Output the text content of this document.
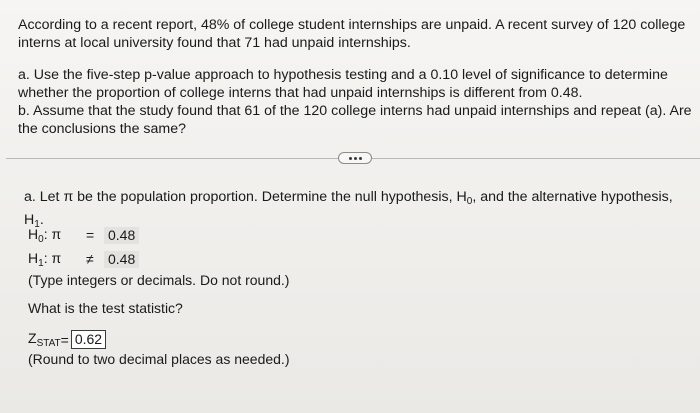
According to a recent report, 48% of college student internships are unpaid. A recent survey of 120 college interns at local university found that 71 had unpaid internships.

a. Use the five-step p-value approach to hypothesis testing and a 0.10 level of significance to determine whether the proportion of college interns that had unpaid internships is different from 0.48.

b. Assume that the study found that 61 of the 120 college interns had unpaid internships and repeat (a). Are the conclusions the same?

a. Let π be the population proportion. Determine the null hypothesis, $H_0$, and the alternative hypothesis, $H_1$.

$H_0$: π	= 0.48
$H_1$: π	≠	0.48
(Type integers or decimals. Do not round.)
What is the test statistic?
$Z_{STAT} = 0.62$
(Round to two decimal places as needed.)
